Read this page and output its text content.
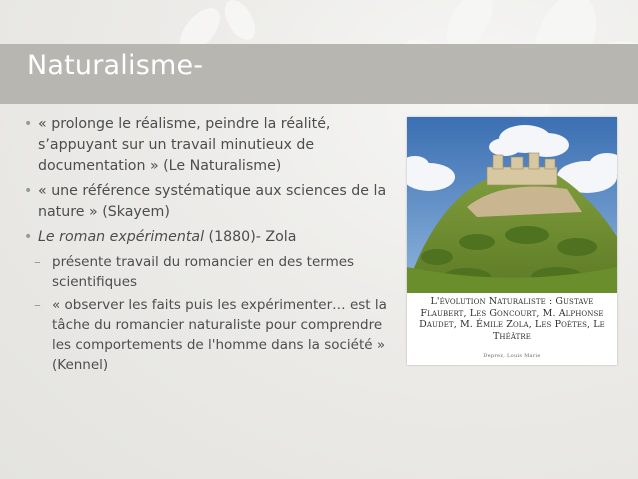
Naturalisme-
• « prolonge le réalisme, peindre la réalité, s’appuyant sur un travail minutieux de documentation » (Le Naturalisme)
• « une référence systématique aux sciences de la nature » (Skayem)
• Le roman expérimental (1880)- Zola
– présente travail du romancier en des termes scientifiques
– « observer les faits puis les expérimenter… est la tâche du romancier naturaliste pour comprendre les comportements de l'homme dans la société » (Kennel)

L'évolution Naturaliste : Gustave Flaubert, Les Goncourt, M. Alphonse Daudet, M. Émile Zola, Les Poètes, Le Théâtre

Deprez, Louis Marie
